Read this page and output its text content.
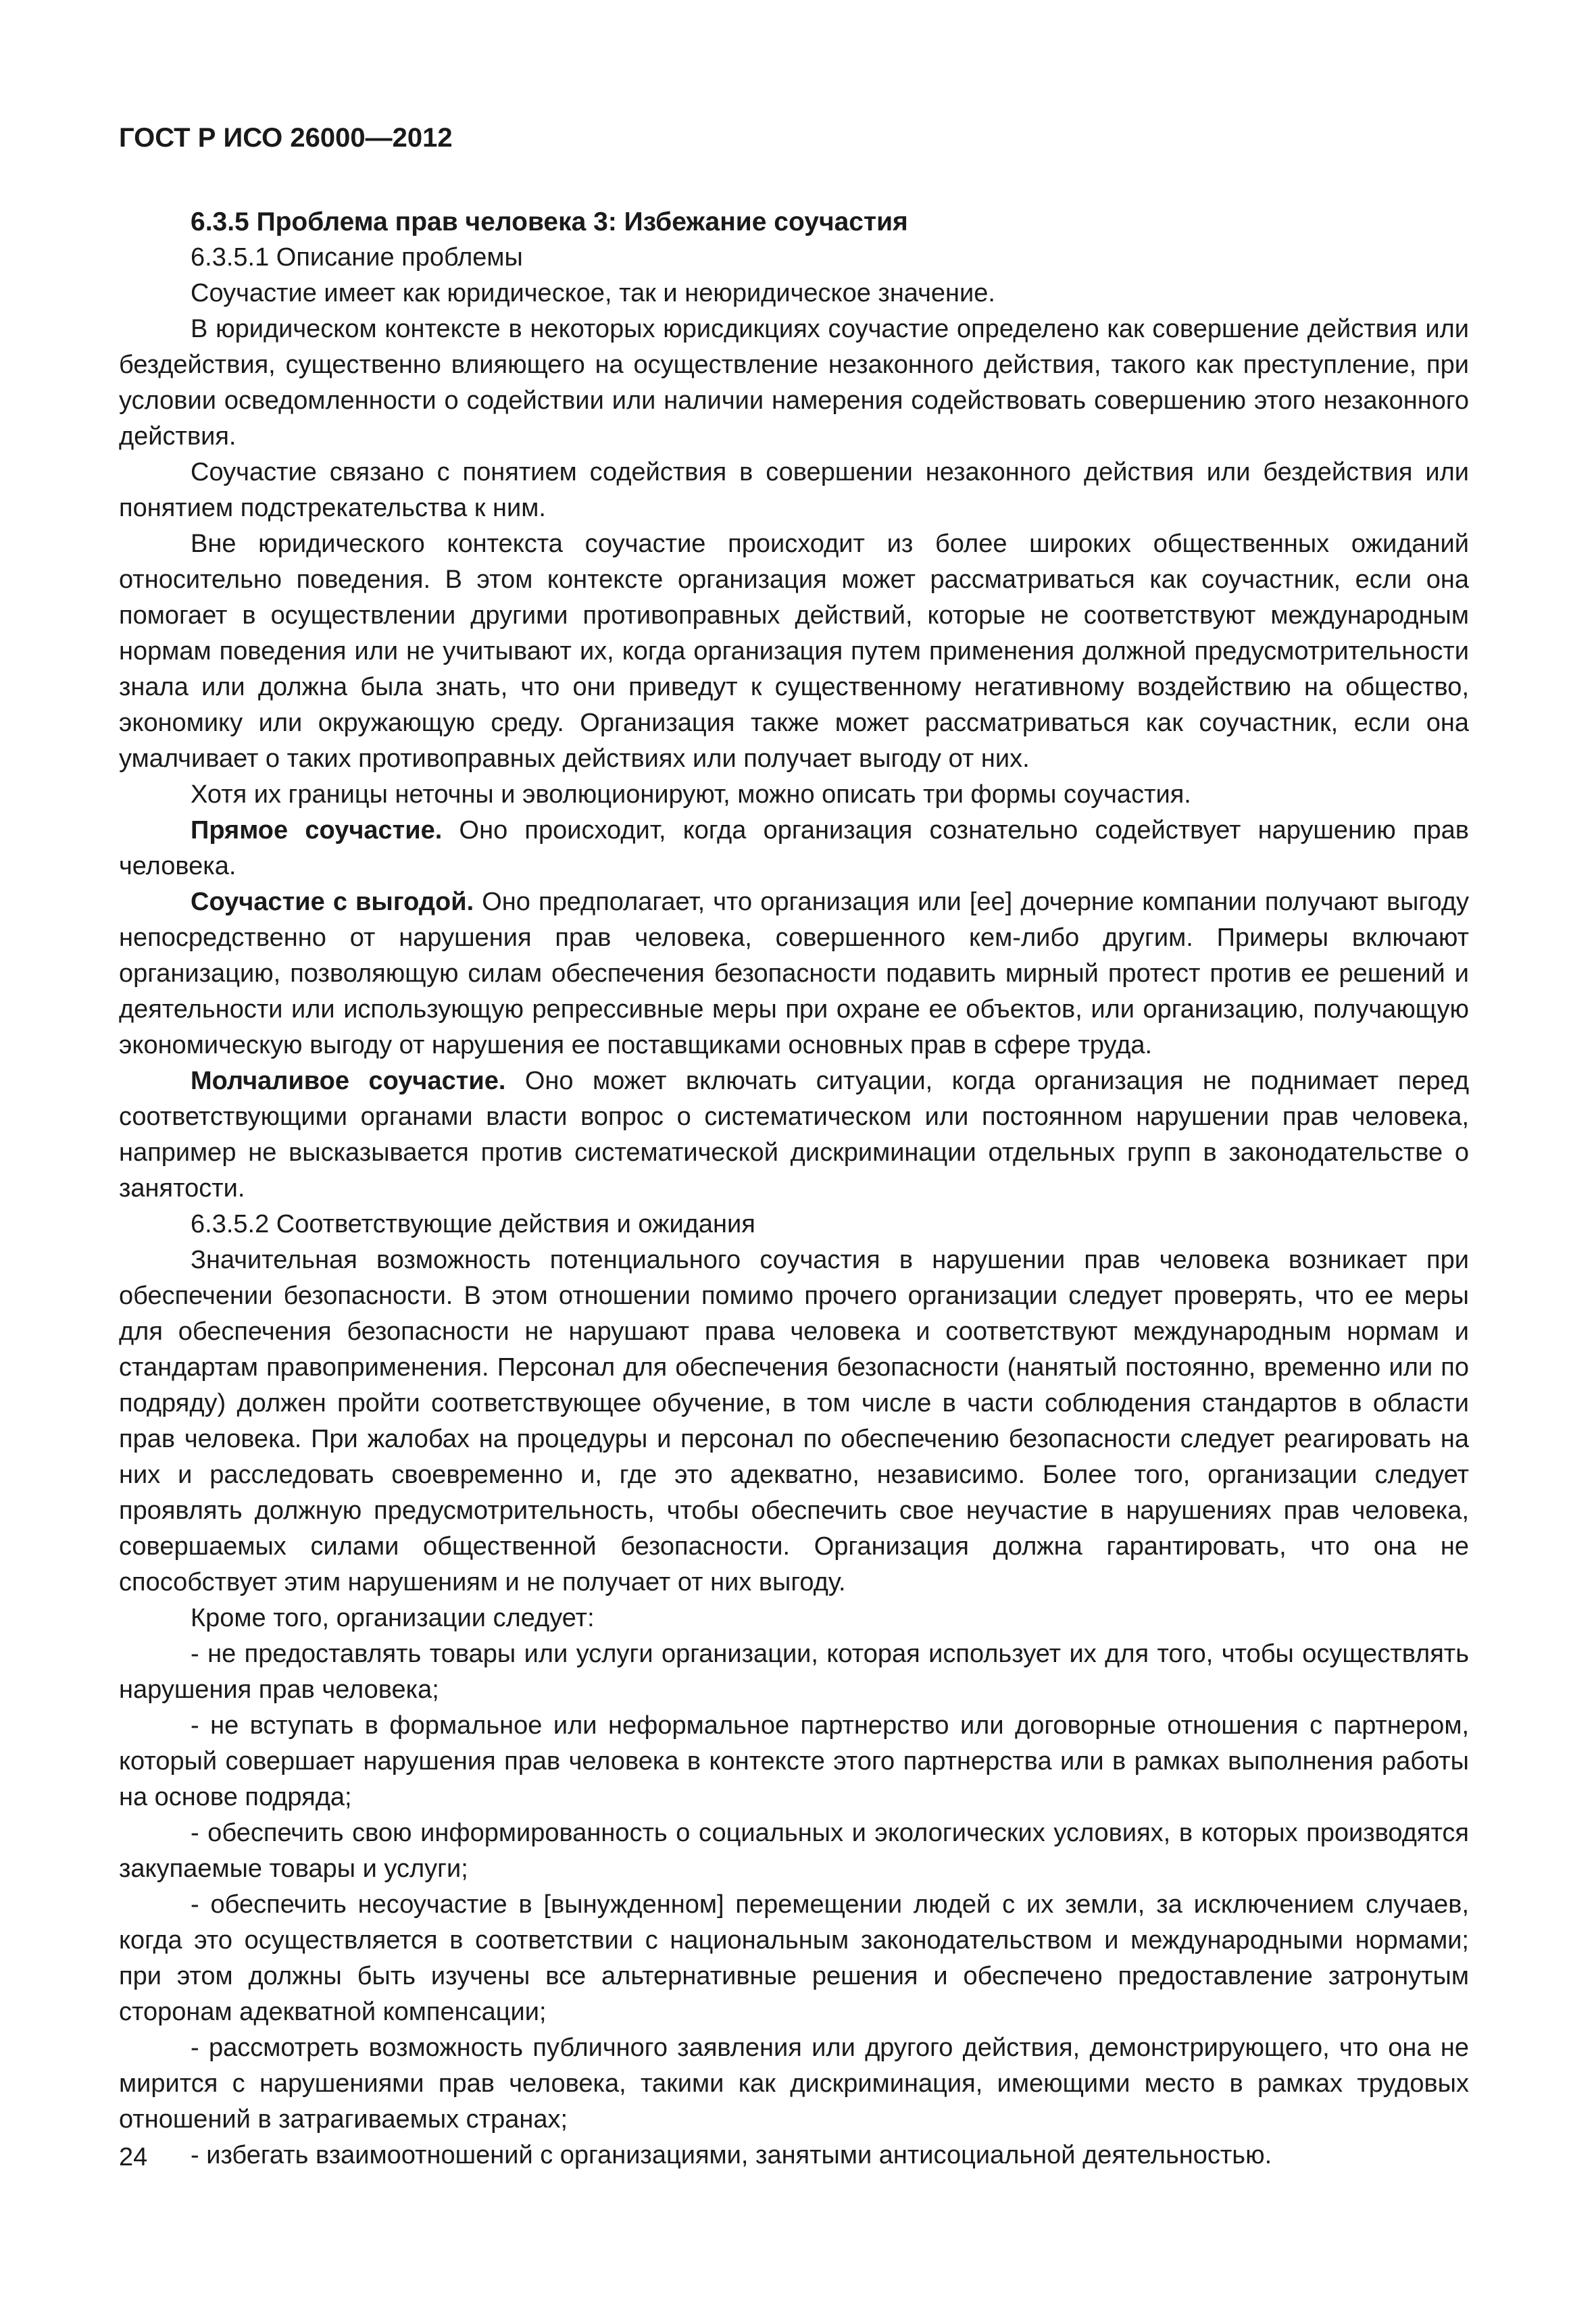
ГОСТ Р ИСО 26000—2012

6.3.5 Проблема прав человека 3: Избежание соучастия

6.3.5.1 Описание проблемы

Соучастие имеет как юридическое, так и неюридическое значение.

В юридическом контексте в некоторых юрисдикциях соучастие определено как совершение действия или бездействия, существенно влияющего на осуществление незаконного действия, такого как преступление, при условии осведомленности о содействии или наличии намерения содействовать совершению этого незаконного действия.

Соучастие связано с понятием содействия в совершении незаконного действия или бездействия или понятием подстрекательства к ним.

Вне юридического контекста соучастие происходит из более широких общественных ожиданий относительно поведения. В этом контексте организация может рассматриваться как соучастник, если она помогает в осуществлении другими противоправных действий, которые не соответствуют международным нормам поведения или не учитывают их, когда организация путем применения должной предусмотрительности знала или должна была знать, что они приведут к существенному негативному воздействию на общество, экономику или окружающую среду. Организация также может рассматриваться как соучастник, если она умалчивает о таких противоправных действиях или получает выгоду от них.

Хотя их границы неточны и эволюционируют, можно описать три формы соучастия.

Прямое соучастие. Оно происходит, когда организация сознательно содействует нарушению прав человека.

Соучастие с выгодой. Оно предполагает, что организация или [ее] дочерние компании получают выгоду непосредственно от нарушения прав человека, совершенного кем-либо другим. Примеры включают организацию, позволяющую силам обеспечения безопасности подавить мирный протест против ее решений и деятельности или использующую репрессивные меры при охране ее объектов, или организацию, получающую экономическую выгоду от нарушения ее поставщиками основных прав в сфере труда.

Молчаливое соучастие. Оно может включать ситуации, когда организация не поднимает перед соответствующими органами власти вопрос о систематическом или постоянном нарушении прав человека, например не высказывается против систематической дискриминации отдельных групп в законодательстве о занятости.

6.3.5.2 Соответствующие действия и ожидания

Значительная возможность потенциального соучастия в нарушении прав человека возникает при обеспечении безопасности. В этом отношении помимо прочего организации следует проверять, что ее меры для обеспечения безопасности не нарушают права человека и соответствуют международным нормам и стандартам правоприменения. Персонал для обеспечения безопасности (нанятый постоянно, временно или по подряду) должен пройти соответствующее обучение, в том числе в части соблюдения стандартов в области прав человека. При жалобах на процедуры и персонал по обеспечению безопасности следует реагировать на них и расследовать своевременно и, где это адекватно, независимо. Более того, организации следует проявлять должную предусмотрительность, чтобы обеспечить свое неучастие в нарушениях прав человека, совершаемых силами общественной безопасности. Организация должна гарантировать, что она не способствует этим нарушениям и не получает от них выгоду.

Кроме того, организации следует:

- не предоставлять товары или услуги организации, которая использует их для того, чтобы осуществлять нарушения прав человека;

- не вступать в формальное или неформальное партнерство или договорные отношения с партнером, который совершает нарушения прав человека в контексте этого партнерства или в рамках выполнения работы на основе подряда;

- обеспечить свою информированность о социальных и экологических условиях, в которых производятся закупаемые товары и услуги;

- обеспечить несоучастие в [вынужденном] перемещении людей с их земли, за исключением случаев, когда это осуществляется в соответствии с национальным законодательством и международными нормами; при этом должны быть изучены все альтернативные решения и обеспечено предоставление затронутым сторонам адекватной компенсации;

- рассмотреть возможность публичного заявления или другого действия, демонстрирующего, что она не мирится с нарушениями прав человека, такими как дискриминация, имеющими место в рамках трудовых отношений в затрагиваемых странах;

- избегать взаимоотношений с организациями, занятыми антисоциальной деятельностью.

24
